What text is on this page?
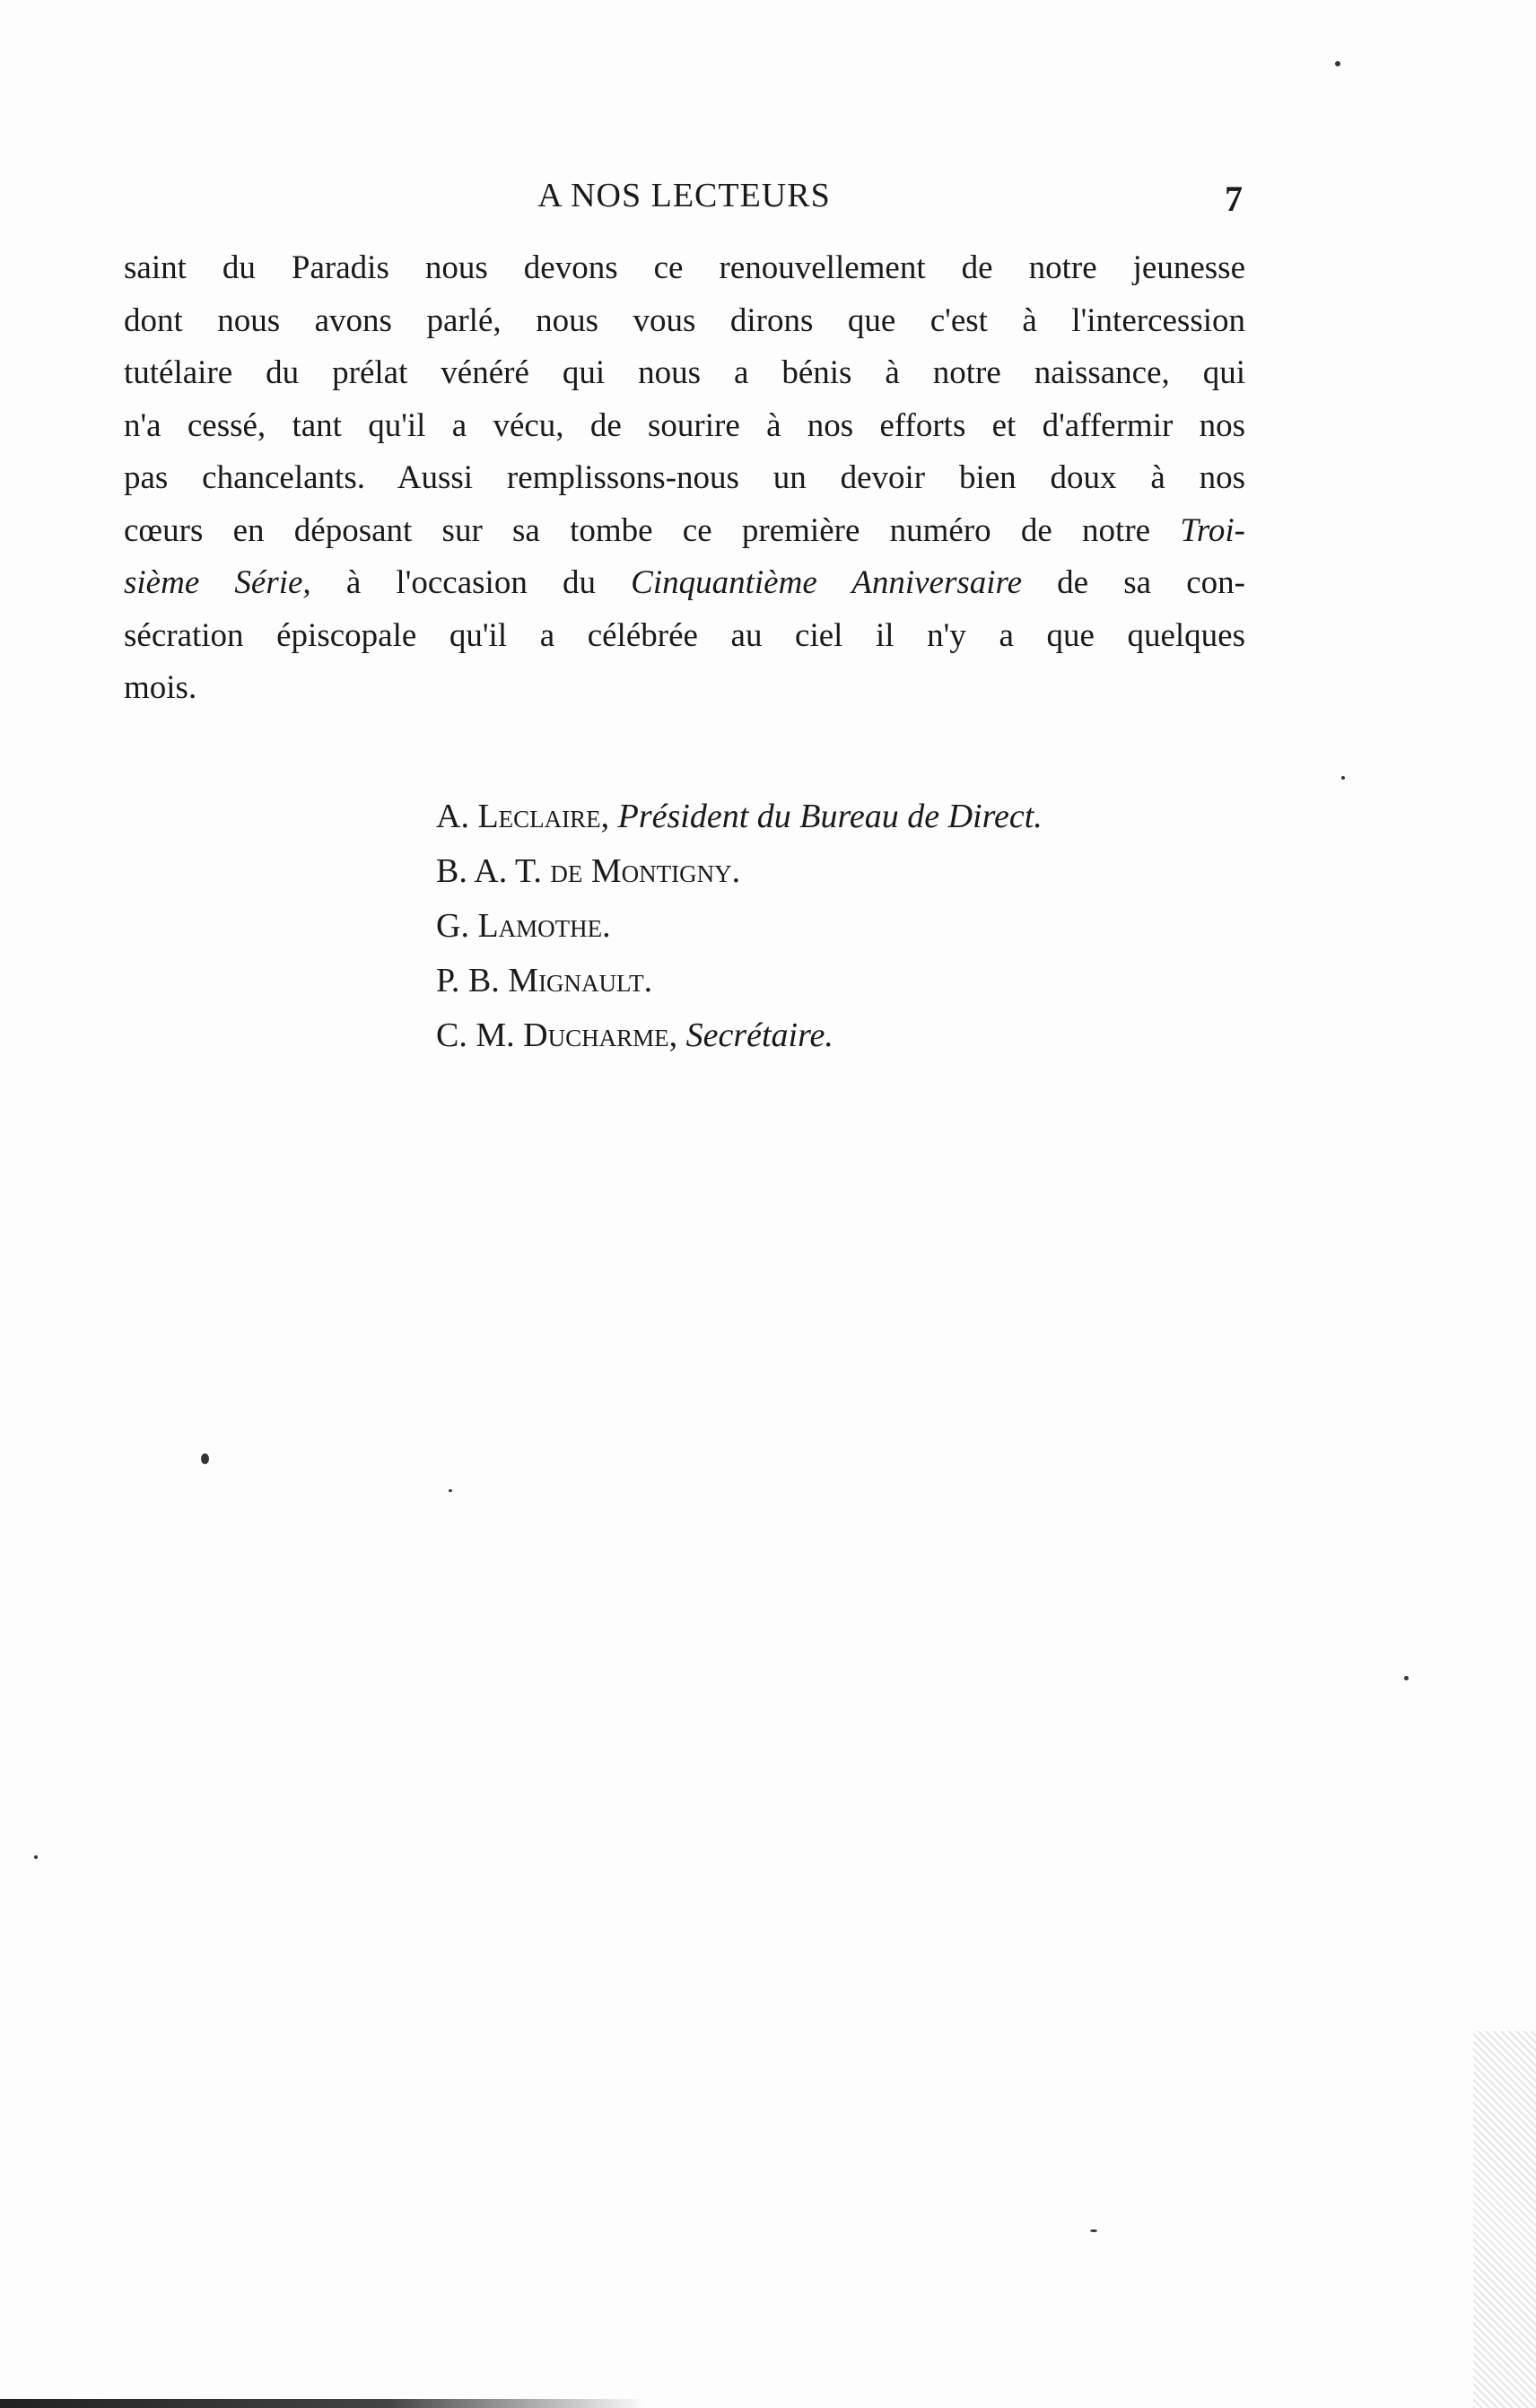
A NOS LECTEURS	7
saint du Paradis nous devons ce renouvellement de notre jeunesse
dont nous avons parlé, nous vous dirons que c'est à l'intercession
tutélaire du prélat vénéré qui nous a bénis à notre naissance, qui
n'a cessé, tant qu'il a vécu, de sourire à nos efforts et d'affermir nos
pas chancelants. Aussi remplissons-nous un devoir bien doux à nos
cœurs en déposant sur sa tombe ce première numéro de notre Troi-
sième Série, à l'occasion du Cinquantième Anniversaire de sa con-
sécration épiscopale qu'il a célébrée au ciel il n'y a que quelques
mois.
A. Leclaire, Président du Bureau de Direct.
B. A. T. de Montigny.
G. Lamothe.
P. B. Mignault.
C. M. Ducharme, Secrétaire.
